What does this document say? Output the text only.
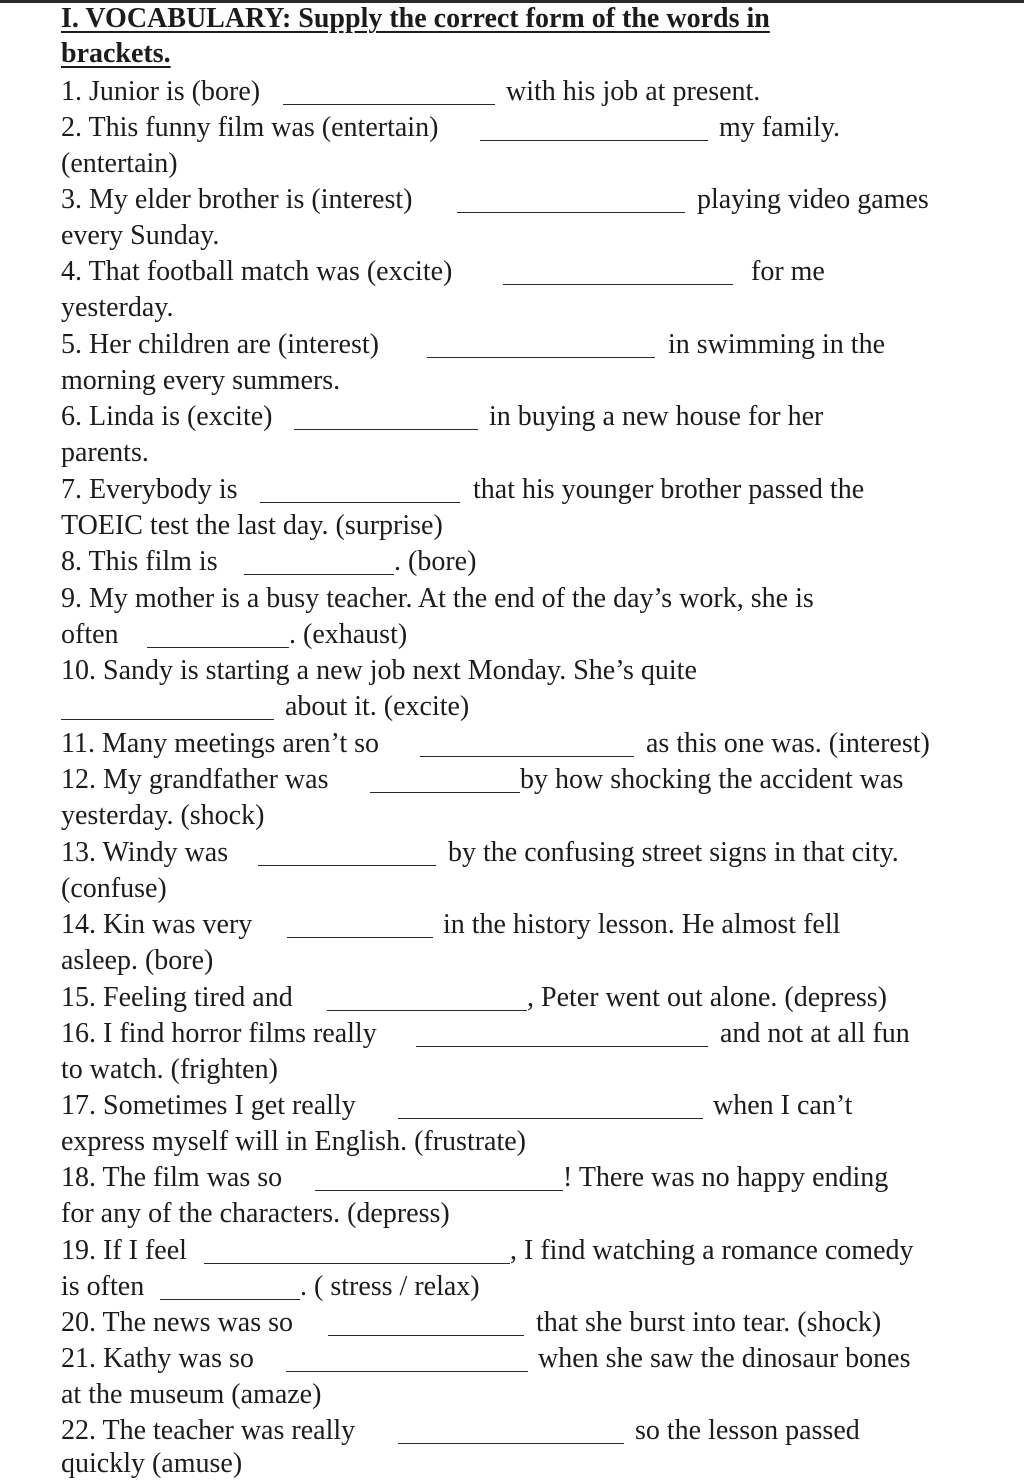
I. VOCABULARY: Supply the correct form of the words in
brackets.
1. Junior is (bore)	with his job at present.
2. This funny film was (entertain)	my family.
(entertain)
3. My elder brother is (interest)	playing video games
every Sunday.
4. That football match was (excite)	for me
yesterday.
5. Her children are (interest)	in swimming in the
morning every summers.
6. Linda is (excite)	in buying a new house for her
parents.
7. Everybody is	that his younger brother passed the
TOEIC test the last day. (surprise)
8. This film is	. (bore)
9. My mother is a busy teacher. At the end of the day’s work, she is
often	. (exhaust)
10. Sandy is starting a new job next Monday. She’s quite
about it. (excite)
11. Many meetings aren’t so	as this one was. (interest)
12. My grandfather was	by how shocking the accident was
yesterday. (shock)
13. Windy was	by the confusing street signs in that city.
(confuse)
14. Kin was very	in the history lesson. He almost fell
asleep. (bore)
15. Feeling tired and	, Peter went out alone. (depress)
16. I find horror films really	and not at all fun
to watch. (frighten)
17. Sometimes I get really	when I can’t
express myself will in English. (frustrate)
18. The film was so	! There was no happy ending
for any of the characters. (depress)
19. If I feel	, I find watching a romance comedy
is often	. ( stress / relax)
20. The news was so	that she burst into tear. (shock)
21. Kathy was so	when she saw the dinosaur bones
at the museum (amaze)
22. The teacher was really	so the lesson passed
quickly (amuse)
